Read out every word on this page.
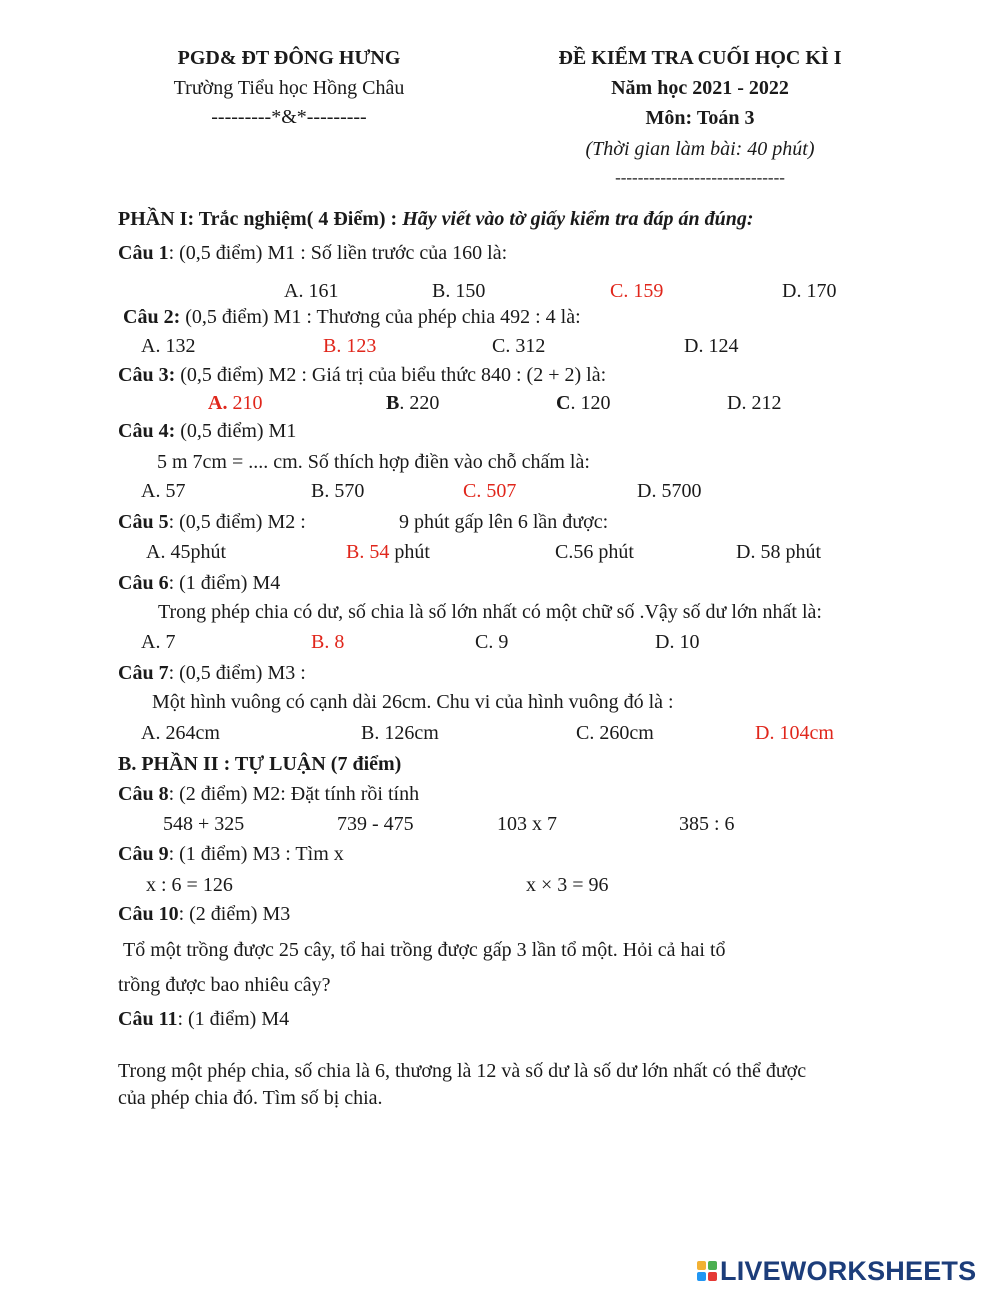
PGD& ĐT ĐÔNG HƯNG
Trường Tiểu học Hồng Châu
---------*&*---------
ĐỀ KIỂM TRA CUỐI HỌC KÌ I
Năm học 2021 - 2022
Môn: Toán 3
(Thời gian làm bài: 40 phút)
------------------------------
PHẦN I: Trắc nghiệm( 4 Điểm) : Hãy viết vào tờ giấy kiểm tra đáp án đúng:
Câu 1: (0,5 điểm) M1 : Số liền trước của 160 là:
A. 161	B. 150	C. 159	D. 170
Câu 2: (0,5 điểm) M1 : Thương của phép chia 492 : 4 là:
A. 132	B. 123	C. 312	D. 124
Câu 3: (0,5 điểm) M2 : Giá trị của biểu thức 840 : (2 + 2) là:
A. 210	B. 220	C. 120	D. 212
Câu 4: (0,5 điểm) M1
5 m 7cm = .... cm. Số thích hợp điền vào chỗ chấm là:
A. 57	B. 570	C. 507	D. 5700
Câu 5: (0,5 điểm) M2 :	9 phút gấp lên 6 lần được:
A. 45phút	B. 54 phút	C.56 phút	D. 58 phút
Câu 6: (1 điểm) M4
Trong phép chia có dư, số chia là số lớn nhất có một chữ số .Vậy số dư lớn nhất là:
A. 7	B. 8	C. 9	D. 10
Câu 7: (0,5 điểm) M3 :
Một hình vuông có cạnh dài 26cm. Chu vi của hình vuông đó là :
A. 264cm	B. 126cm	C. 260cm	D. 104cm
B. PHẦN II : TỰ LUẬN (7 điểm)
Câu 8: (2 điểm) M2: Đặt tính rồi tính
548 + 325	739 - 475	103 x 7	385 : 6
Câu 9: (1 điểm) M3 : Tìm x
x : 6 = 126	x × 3 = 96
Câu 10: (2 điểm) M3
Tổ một trồng được 25 cây, tổ hai trồng được gấp 3 lần tổ một. Hỏi cả hai tổ
trồng được bao nhiêu cây?
Câu 11: (1 điểm) M4
Trong một phép chia, số chia là 6, thương là 12 và số dư là số dư lớn nhất có thể được
của phép chia đó. Tìm số bị chia.
LIVEWORKSHEETS
